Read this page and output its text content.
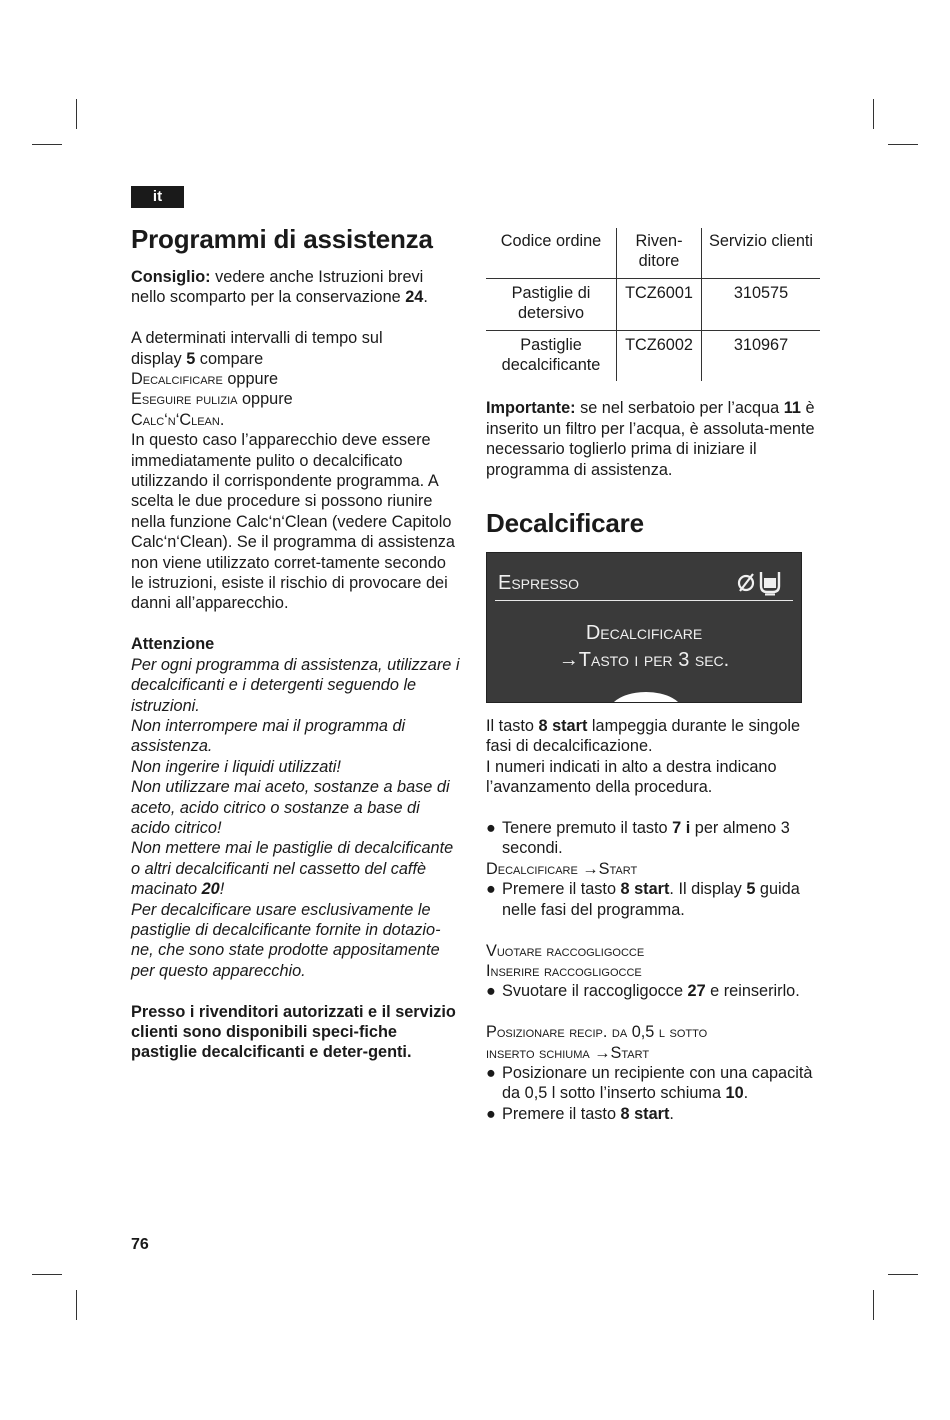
it
Programmi di assistenza

Consiglio: vedere anche Istruzioni brevi nello scomparto per la conservazione 24.

A determinati intervalli di tempo sul
display 5 compare
Decalcificare oppure
Eseguire pulizia oppure
Calc‘n‘Clean.

In questo caso l’apparecchio deve essere immediatamente pulito o decalcificato utilizzando il corrispondente programma. A scelta le due procedure si possono riunire nella funzione Calc‘n‘Clean (vedere Capitolo Calc‘n‘Clean). Se il programma di assistenza non viene utilizzato corret-tamente secondo le istruzioni, esiste il rischio di provocare dei danni all’apparecchio.

Attenzione

Per ogni programma di assistenza, utilizzare i decalcificanti e i detergenti seguendo le istruzioni.

Non interrompere mai il programma di assistenza.

Non ingerire i liquidi utilizzati!

Non utilizzare mai aceto, sostanze a base di aceto, acido citrico o sostanze a base di acido citrico!

Non mettere mai le pastiglie di decalcificante o altri decalcificanti nel cassetto del caffè macinato 20!

Per decalcificare usare esclusivamente le pastiglie di decalcificante fornite in dotazio-ne, che sono state prodotte appositamente per questo apparecchio.

Presso i rivenditori autorizzati e il servizio clienti sono disponibili speci-fiche pastiglie decalcificanti e deter-genti.

Codice ordine	Riven-ditore	Servizio clienti
Pastiglie di detersivo	TCZ6001	310575
Pastiglie decalcificante	TCZ6002	310967

Importante: se nel serbatoio per l’acqua 11 è inserito un filtro per l’acqua, è assoluta-mente necessario toglierlo prima di iniziare il programma di assistenza.

Decalcificare
Espresso
Decalcificare
→Tasto i per 3 sec.

Il tasto 8 start lampeggia durante le singole fasi di decalcificazione.

I numeri indicati in alto a destra indicano l’avanzamento della procedura.

● Tenere premuto il tasto 7 i per almeno 3 secondi.

Decalcificare →Start

● Premere il tasto 8 start. Il display 5 guida nelle fasi del programma.

Vuotare raccogligocce

Inserire raccogligocce

● Svuotare il raccogligocce 27 e reinserirlo.

Posizionare recip. da 0,5 l sotto

inserto schiuma →Start

● Posizionare un recipiente con una capacità da 0,5 l sotto l’inserto schiuma 10.

● Premere il tasto 8 start.

76
